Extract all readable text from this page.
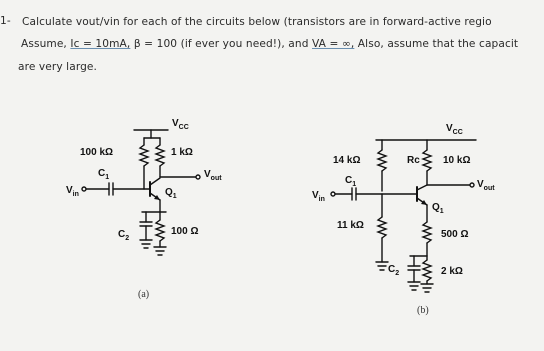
1- Calculate vout/vin for each of the circuits below (transistors are in forward-active regio
Assume, Ic = 10mA, β = 100 (if ever you need!), and VA = ∞, Also, assume that the capacit
are very large.
$V_{CC}$
100 kΩ	1 kΩ
$V_{out}$
$C_1$
$V_{in}$	$Q_1$
$C_2$
100 Ω
(a)
$V_{CC}$
14 kΩ	Rc 10 kΩ
$V_{out}$
$C_1$
$V_{in}$
$Q_1$
11 kΩ
500 Ω
$C_2$	2 kΩ
(b)
